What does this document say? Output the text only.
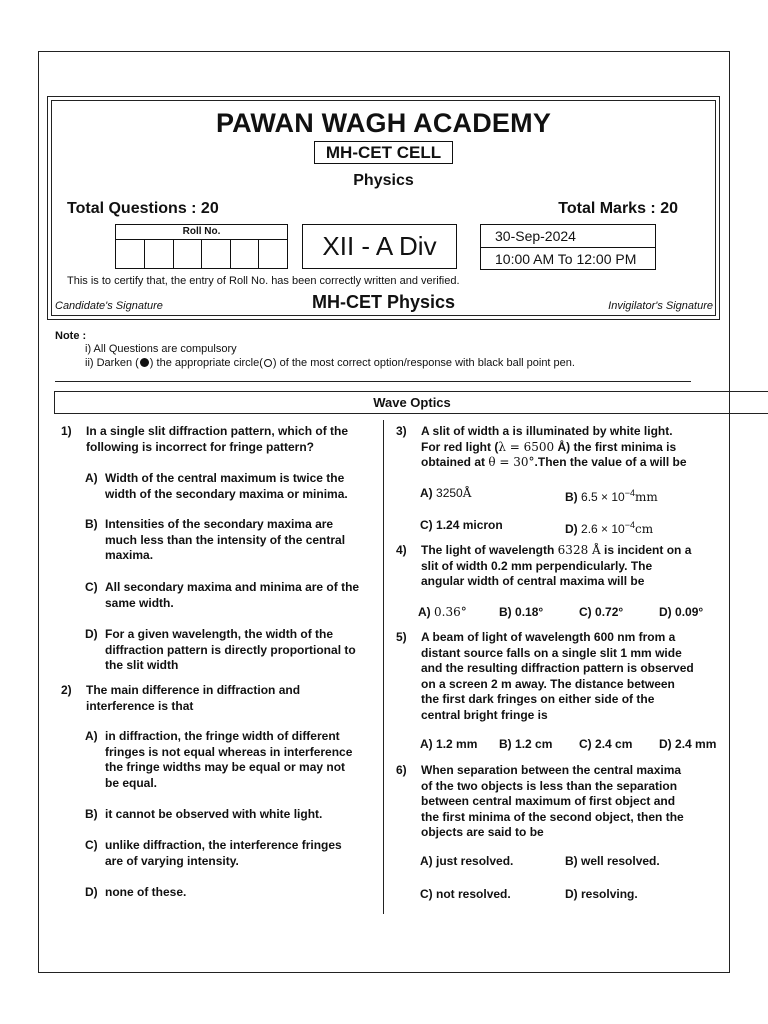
PAWAN WAGH ACADEMY
MH-CET CELL
Physics
Total Questions : 20	Total Marks : 20
Roll No.	XII - A Div	30-Sep-2024
10:00 AM To 12:00 PM
This is to certify that, the entry of Roll No. has been correctly written and verified.
Candidate's Signature	MH-CET Physics	Invigilator's Signature
Note :
i) All Questions are compulsory
ii) Darken ( ) the appropriate circle( ) of the most correct option/response with black ball point pen.
Wave Optics
1) In a single slit diffraction pattern, which of the
following is incorrect for fringe pattern?
A) Width of the central maximum is twice the
width of the secondary maxima or minima.
B) Intensities of the secondary maxima are
much less than the intensity of the central
maxima.
C) All secondary maxima and minima are of the
same width.
D) For a given wavelength, the width of the
diffraction pattern is directly proportional to
the slit width
2) The main difference in diffraction and
interference is that
A) in diffraction, the fringe width of different
fringes is not equal whereas in interference
the fringe widths may be equal or may not
be equal.
B) it cannot be observed with white light.
C) unlike diffraction, the interference fringes
are of varying intensity.
D) none of these.
3) A slit of width a is illuminated by white light.
For red light (λ = 6500 Å) the first minima is
obtained at θ = 30°.Then the value of a will be
A) 3250Å	B) $6.5 \times 10^{-4}mm$
C) 1.24 micron	D) $2.6 \times 10^{-4}cm$
4) The light of wavelength 6328 Å is incident on a
slit of width 0.2 mm perpendicularly. The
angular width of central maxima will be
A) 0.36°	B) 0.18°	C) 0.72°	D) 0.09°
5) A beam of light of wavelength 600 nm from a
distant source falls on a single slit 1 mm wide
and the resulting diffraction pattern is observed
on a screen 2 m away. The distance between
the first dark fringes on either side of the
central bright fringe is
A) 1.2 mm B) 1.2 cm C) 2.4 cm D) 2.4 mm
6) When separation between the central maxima
of the two objects is less than the separation
between central maximum of first object and
the first minima of the second object, then the
objects are said to be
A) just resolved.	B) well resolved.
C) not resolved.	D) resolving.
